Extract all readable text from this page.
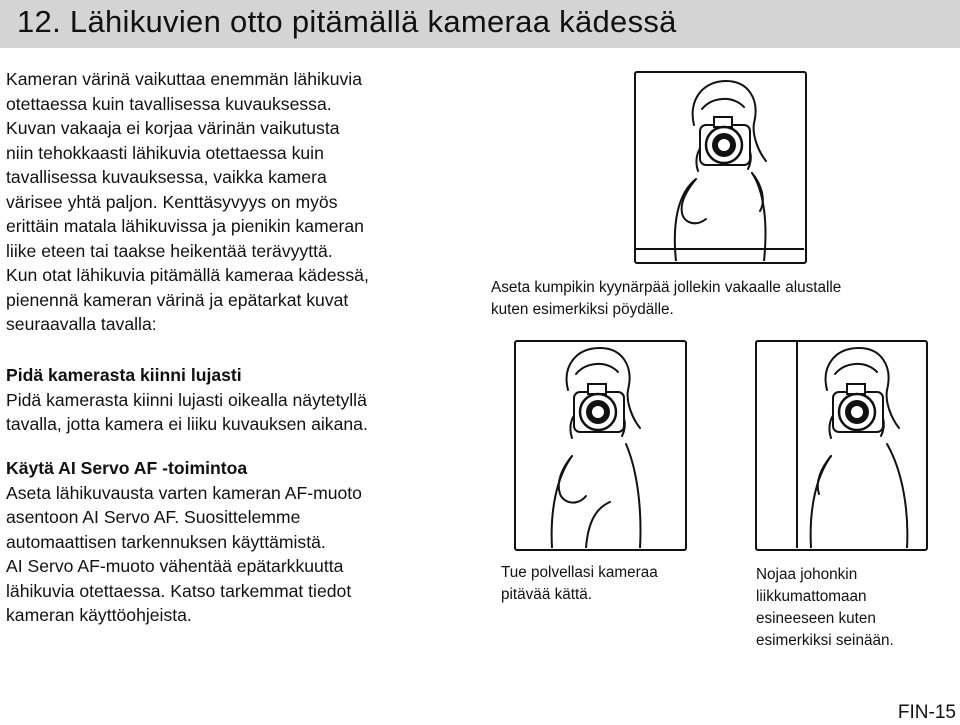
12. Lähikuvien otto pitämällä kameraa kädessä

Kameran värinä vaikuttaa enemmän lähikuvia
otettaessa kuin tavallisessa kuvauksessa.
Kuvan vakaaja ei korjaa värinän vaikutusta
niin tehokkaasti lähikuvia otettaessa kuin
tavallisessa kuvauksessa, vaikka kamera
värisee yhtä paljon. Kenttäsyvyys on myös
erittäin matala lähikuvissa ja pienikin kameran
liike eteen tai taakse heikentää terävyyttä.
Kun otat lähikuvia pitämällä kameraa kädessä,
pienennä kameran värinä ja epätarkat kuvat
seuraavalla tavalla:

Pidä kamerasta kiinni lujasti
Pidä kamerasta kiinni lujasti oikealla näytetyllä
tavalla, jotta kamera ei liiku kuvauksen aikana.

Käytä AI Servo AF -toimintoa
Aseta lähikuvausta varten kameran AF-muoto
asentoon AI Servo AF. Suosittelemme
automaattisen tarkennuksen käyttämistä.
AI Servo AF-muoto vähentää epätarkkuutta
lähikuvia otettaessa. Katso tarkemmat tiedot
kameran käyttöohjeista.

Aseta kumpikin kyynärpää jollekin vakaalle alustalle
kuten esimerkiksi pöydälle.

Tue polvellasi kameraa
pitävää kättä.

Nojaa johonkin
liikkumattomaan
esineeseen kuten
esimerkiksi seinään.

FIN-15
